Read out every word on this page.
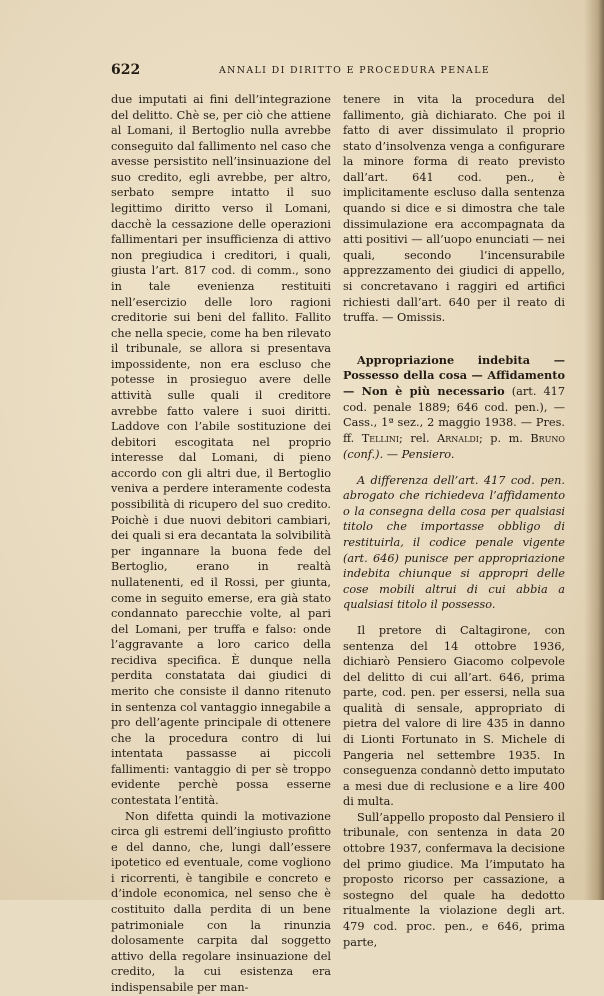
622	ANNALI DI DIRITTO E PROCEDURA PENALE

due imputati ai fini dell’integrazione del delitto. Chè se, per ciò che attiene al Lomani, il Bertoglio nulla avrebbe conseguito dal fallimento nel caso che avesse persistito nell’insinuazione del suo credito, egli avrebbe, per altro, serbato sempre intatto il suo legittimo diritto verso il Lomani, dacchè la cessazione delle operazioni fallimentari per insufficienza di attivo non pregiudica i creditori, i quali, giusta l’art. 817 cod. di comm., sono in tale evenienza restituiti nell’esercizio delle loro ragioni creditorie sui beni del fallito. Fallito che nella specie, come ha ben rilevato il tribunale, se allora si presentava impossidente, non era escluso che potesse in prosieguo avere delle attività sulle quali il creditore avrebbe fatto valere i suoi diritti. Laddove con l’abile sostituzione dei debitori escogitata nel proprio interesse dal Lomani, di pieno accordo con gli altri due, il Bertoglio veniva a perdere interamente codesta possibilità di ricupero del suo credito. Poichè i due nuovi debitori cambiari, dei quali si era decantata la solvibilità per ingannare la buona fede del Bertoglio, erano in realtà nullatenenti, ed il Rossi, per giunta, come in seguito emerse, era già stato condannato parecchie volte, al pari del Lomani, per truffa e falso: onde l’aggravante a loro carico della recidiva specifica. È dunque nella perdita constatata dai giudici di merito che consiste il danno ritenuto in sentenza col vantaggio innegabile a pro dell’agente principale di ottenere che la procedura contro di lui intentata passasse ai piccoli fallimenti: vantaggio di per sè troppo evidente perchè possa esserne contestata l’entità.

Non difetta quindi la motivazione circa gli estremi dell’ingiusto profitto e del danno, che, lungi dall’essere ipotetico ed eventuale, come vogliono i ricorrenti, è tangibile e concreto e d’indole economica, nel senso che è costituito dalla perdita di un bene patrimoniale con la rinunzia dolosamente carpita dal soggetto attivo della regolare insinuazione del credito, la cui esistenza era indispensabile per man-

tenere in vita la procedura del fallimento, già dichiarato. Che poi il fatto di aver dissimulato il proprio stato d’insolvenza venga a configurare la minore forma di reato previsto dall’art. 641 cod. pen., è implicitamente escluso dalla sentenza quando si dice e si dimostra che tale dissimulazione era accompagnata da atti positivi — all’uopo enunciati — nei quali, secondo l’incensurabile apprezzamento dei giudici di appello, si concretavano i raggiri ed artifici richiesti dall’art. 640 per il reato di truffa. — Omissis.

Appropriazione indebita — Possesso della cosa — Affidamento — Non è più necessario (art. 417 cod. penale 1889; 646 cod. pen.), — Cass., 1ª sez., 2 maggio 1938. — Pres. ff. Tellini; rel. Arnaldi; p. m. Bruno (conf.). — Pensiero.

A differenza dell’art. 417 cod. pen. abrogato che richiedeva l’affidamento o la consegna della cosa per qualsiasi titolo che importasse obbligo di restituirla, il codice penale vigente (art. 646) punisce per appropriazione indebita chiunque si appropri delle cose mobili altrui di cui abbia a qualsiasi titolo il possesso.

Il pretore di Caltagirone, con sentenza del 14 ottobre 1936, dichiarò Pensiero Giacomo colpevole del delitto di cui all’art. 646, prima parte, cod. pen. per essersi, nella sua qualità di sensale, appropriato di pietra del valore di lire 435 in danno di Lionti Fortunato in S. Michele di Pangeria nel settembre 1935. In conseguenza condannò detto imputato a mesi due di reclusione e a lire 400 di multa.

Sull’appello proposto dal Pensiero il tribunale, con sentenza in data 20 ottobre 1937, confermava la decisione del primo giudice. Ma l’imputato ha proposto ricorso per cassazione, a sostegno del quale ha dedotto ritualmente la violazione degli art. 479 cod. proc. pen., e 646, prima parte,
